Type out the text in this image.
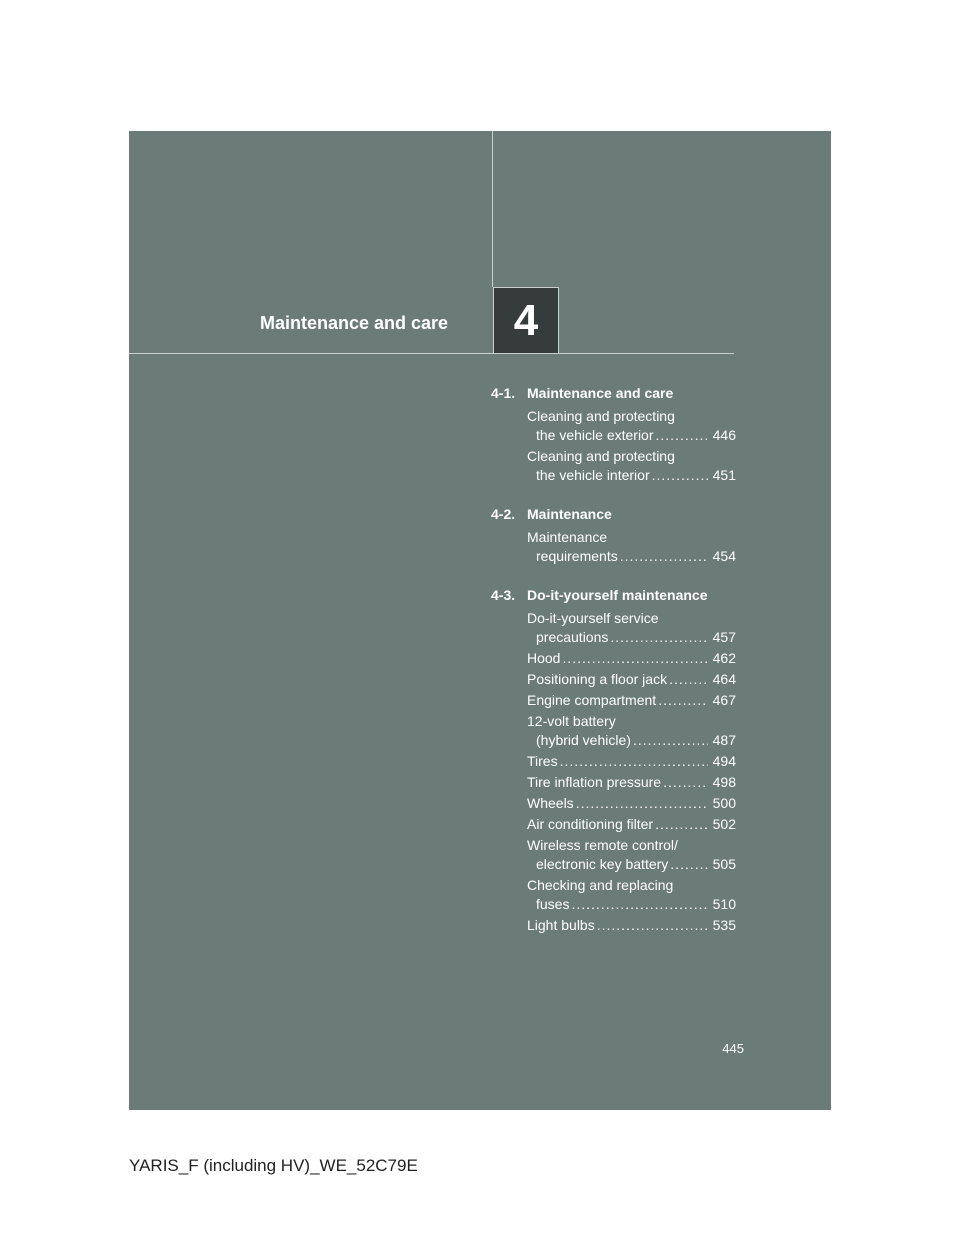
Maintenance and care	4
4-1. Maintenance and care
Cleaning and protecting
the vehicle exterior .....	446
Cleaning and protecting
the vehicle interior .....	451
4-2. Maintenance
Maintenance
requirements .....	454
4-3. Do-it-yourself maintenance
Do-it-yourself service
precautions .....	457
Hood .....	462
Positioning a floor jack .....	464
Engine compartment .....	467
12-volt battery
(hybrid vehicle) .....	487
Tires .....	494
Tire inflation pressure .....	498
Wheels .....	500
Air conditioning filter .....	502
Wireless remote control/
electronic key battery .....	505
Checking and replacing
fuses .....	510
Light bulbs .....	535
445
YARIS_F (including HV)_WE_52C79E
